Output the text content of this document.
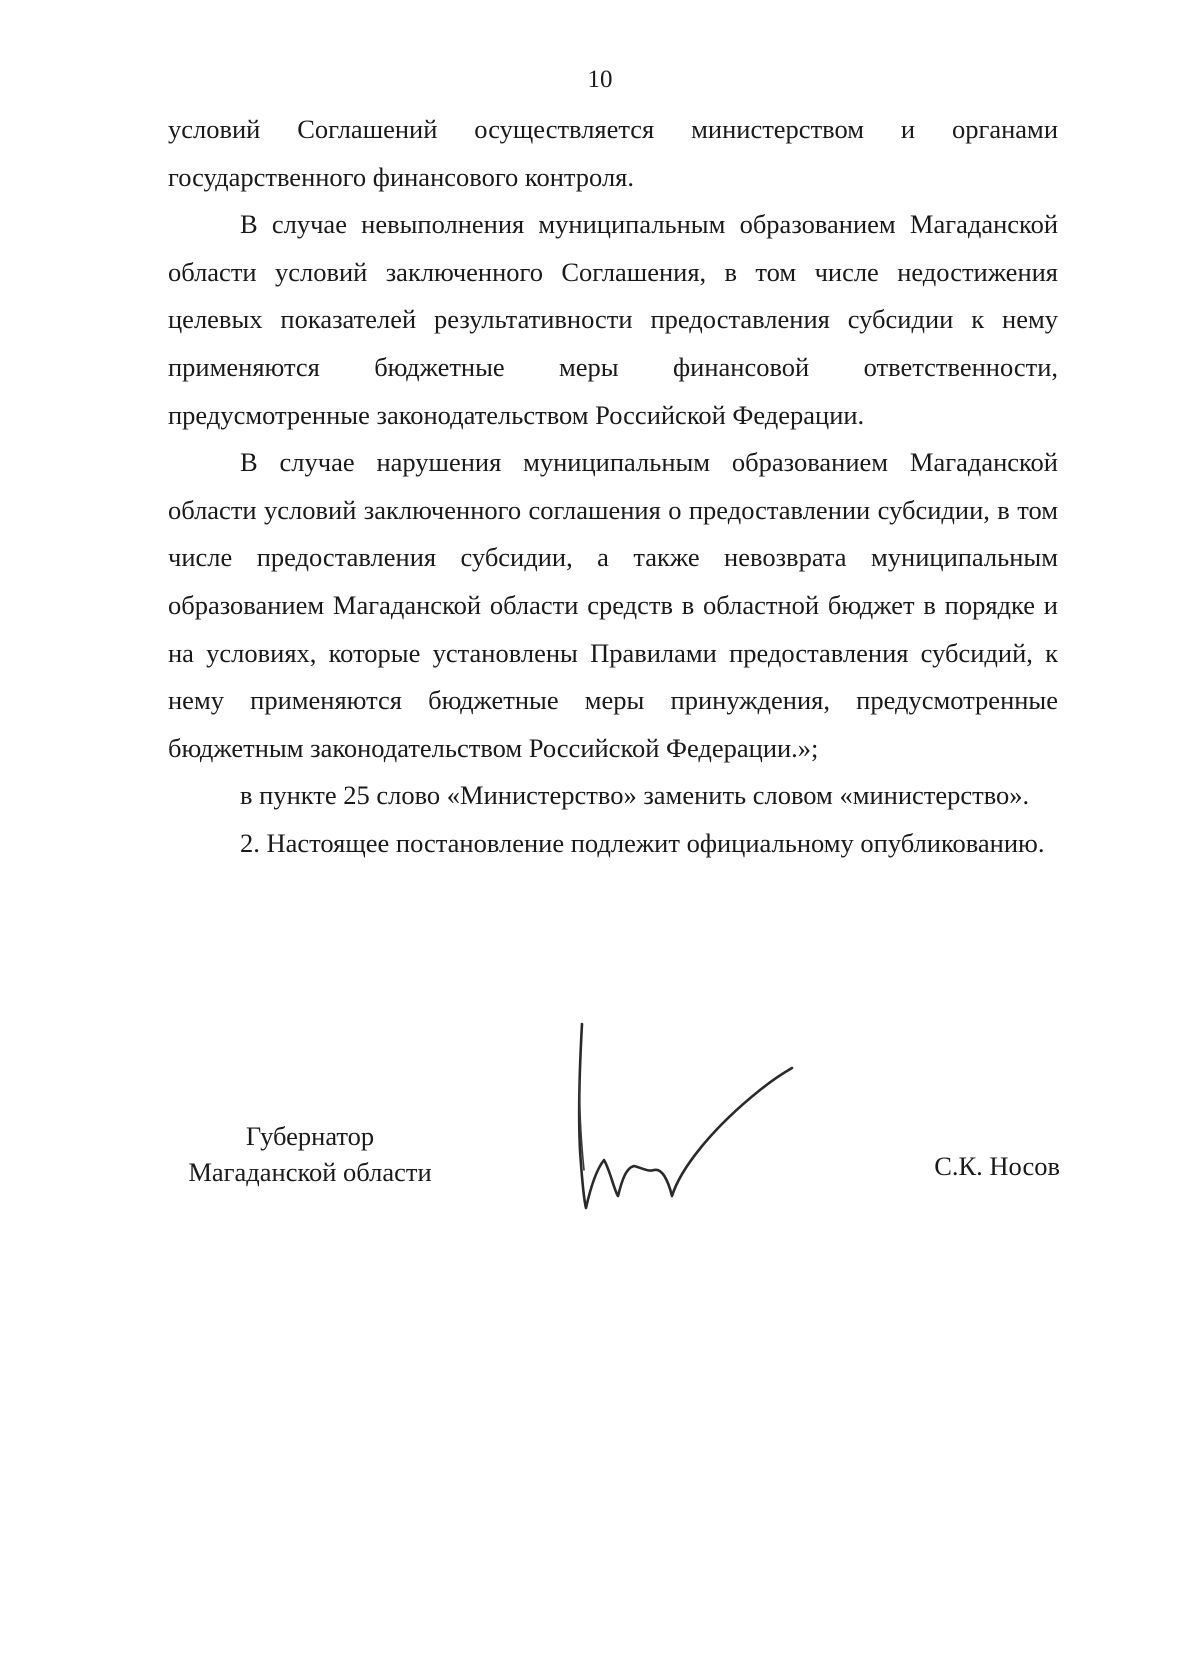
10

условий Соглашений осуществляется министерством и органами государственного финансового контроля.

В случае невыполнения муниципальным образованием Магаданской области условий заключенного Соглашения, в том числе недостижения целевых показателей результативности предоставления субсидии к нему применяются бюджетные меры финансовой ответственности, предусмотренные законодательством Российской Федерации.

В случае нарушения муниципальным образованием Магаданской области условий заключенного соглашения о предоставлении субсидии, в том числе предоставления субсидии, а также невозврата муниципальным образованием Магаданской области средств в областной бюджет в порядке и на условиях, которые установлены Правилами предоставления субсидий, к нему применяются бюджетные меры принуждения, предусмотренные бюджетным законодательством Российской Федерации.»;

в пункте 25 слово «Министерство» заменить словом «министерство».

2. Настоящее постановление подлежит официальному опубликованию.

Губернатор
Магаданской области	С.К. Носов
